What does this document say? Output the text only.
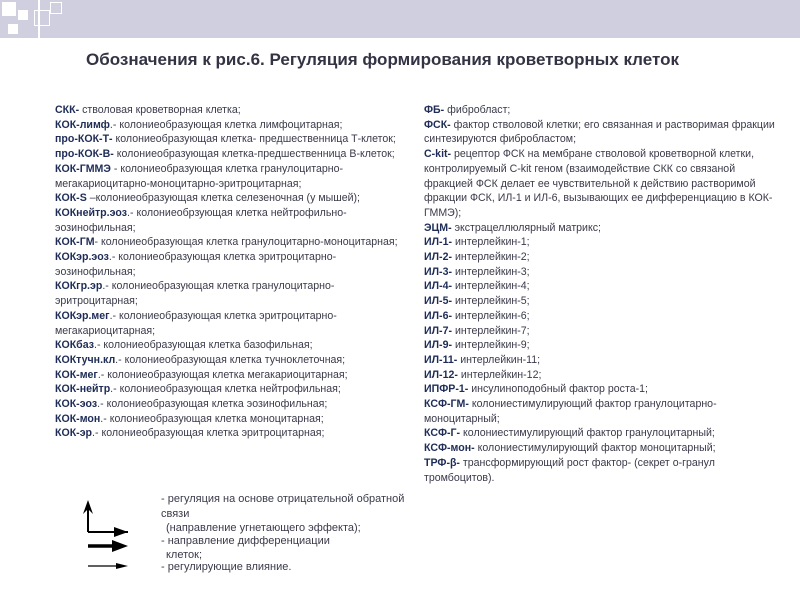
Обозначения к рис.6. Регуляция формирования кроветворных клеток

СКК- стволовая кроветворная клетка;

КОК-лимф.- колониеобразующая клетка лимфоцитарная;

про-КОК-Т- колониеобразующая клетка- предшественница Т-клеток;

про-КОК-В- колониеобразующая клетка-предшественница В-клеток;

КОК-ГММЭ - колониеобразующая клетка гранулоцитарно-мегакариоцитарно-моноцитарно-эритроцитарная;

КОК-S –колониеобразующая клетка селезеночная (у мышей);

КОКнейтр.эоз.- колониеобрзующая клетка нейтрофильно-эозинофильная;

КОК-ГМ- колониеобразующая клетка гранулоцитарно-моноцитарная;

КОКэр.эоз.- колониеобразующая клетка эритроцитарно-эозинофильная;

КОКгр.эр.- колониеобразующая клетка гранулоцитарно-эритроцитарная;

КОКэр.мег.- колониеобразующая клетка эритроцитарно-мегакариоцитарная;

КОКбаз.- колониеобразующая клетка базофильная;

КОКтучн.кл.- колониеобразующая клетка тучноклеточная;

КОК-мег.- колониеобразующая клетка мегакариоцитарная;

КОК-нейтр.- колониеобразующая клетка нейтрофильная;

КОК-эоз.- колониеобразующая клетка эозинофильная;

КОК-мон.- колониеобразующая клетка моноцитарная;

КОК-эр.- колониеобразующая клетка эритроцитарная;

ФБ- фибробласт;

ФСК- фактор стволовой клетки; его связанная и растворимая фракции синтезируются фибробластом;

С-kit- рецептор ФСК на мембране стволовой кроветворной клетки, контролируемый С-kit геном (взаимодействие СКК со связаной фракцией ФСК делает ее чувствительной к действию растворимой фракции ФСК, ИЛ-1 и ИЛ-6, вызывающих ее дифференциацию в КОК-ГММЭ);

ЭЦМ- экстрацеллюлярный матрикс;

ИЛ-1- интерлейкин-1;

ИЛ-2- интерлейкин-2;

ИЛ-3- интерлейкин-3;

ИЛ-4- интерлейкин-4;

ИЛ-5- интерлейкин-5;

ИЛ-6- интерлейкин-6;

ИЛ-7- интерлейкин-7;

ИЛ-9- интерлейкин-9;

ИЛ-11- интерлейкин-11;

ИЛ-12- интерлейкин-12;

ИПФР-1- инсулиноподобный фактор роста-1;

КСФ-ГМ- колониестимулирующий фактор гранулоцитарно-моноцитарный;

КСФ-Г- колониестимулирующий фактор гранулоцитарный;

КСФ-мон- колониестимулирующий фактор моноцитарный;

ТРФ-β- трансформирующий рост фактор- (секрет о-гранул тромбоцитов).

- регуляция на основе отрицательной обратной
связи
(направление угнетающего эффекта);
- направление дифференциации
клеток;
- регулирующие влияние.
